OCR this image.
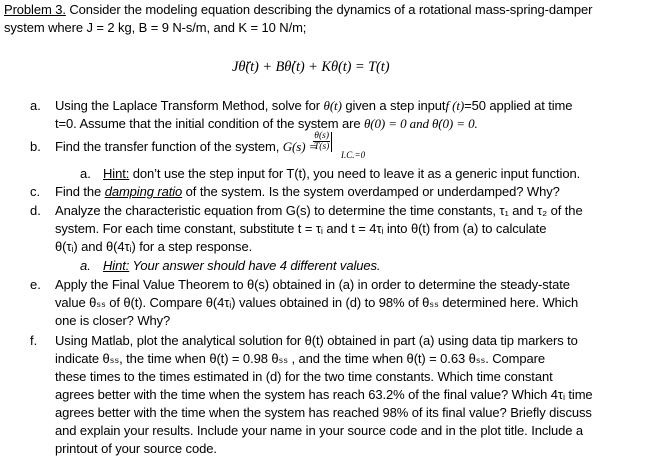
Problem 3. Consider the modeling equation describing the dynamics of a rotational mass-spring-damper
system where J = 2 kg, B = 9 N-s/m, and K = 10 N/m;
Jθ̈(t) + Bθ̇(t) + Kθ(t) = T(t)
a.	Using the Laplace Transform Method, solve for θ(t) given a step inputf (t)=50 applied at time
t=0. Assume that the initial condition of the system are θ(0) = 0 and θ̇(0) = 0.
b.	Find the transfer function of the system, G(s) =
$\frac{\theta(s)}{T(s)}$
I.C.=0
a. Hint: don’t use the step input for T(t), you need to leave it as a generic input function.
c.	Find the damping ratio of the system. Is the system overdamped or underdamped? Why?
d.	Analyze the characteristic equation from G(s) to determine the time constants, τ₁ and τ₂ of the
system. For each time constant, substitute t = τᵢ and t = 4τᵢ into θ(t) from (a) to calculate
θ(τᵢ) and θ(4τᵢ) for a step response.
a. Hint: Your answer should have 4 different values.
e.	Apply the Final Value Theorem to θ(s) obtained in (a) in order to determine the steady-state
value θₛₛ of θ(t). Compare θ(4τᵢ) values obtained in (d) to 98% of θₛₛ determined here. Which
one is closer? Why?
f.	Using Matlab, plot the analytical solution for θ(t) obtained in part (a) using data tip markers to
indicate θₛₛ, the time when θ(t) = 0.98 θₛₛ , and the time when θ(t) = 0.63 θₛₛ. Compare
these times to the times estimated in (d) for the two time constants. Which time constant
agrees better with the time when the system has reach 63.2% of the final value? Which 4τᵢ time
agrees better with the time when the system has reached 98% of its final value? Briefly discuss
and explain your results. Include your name in your source code and in the plot title. Include a
printout of your source code.
